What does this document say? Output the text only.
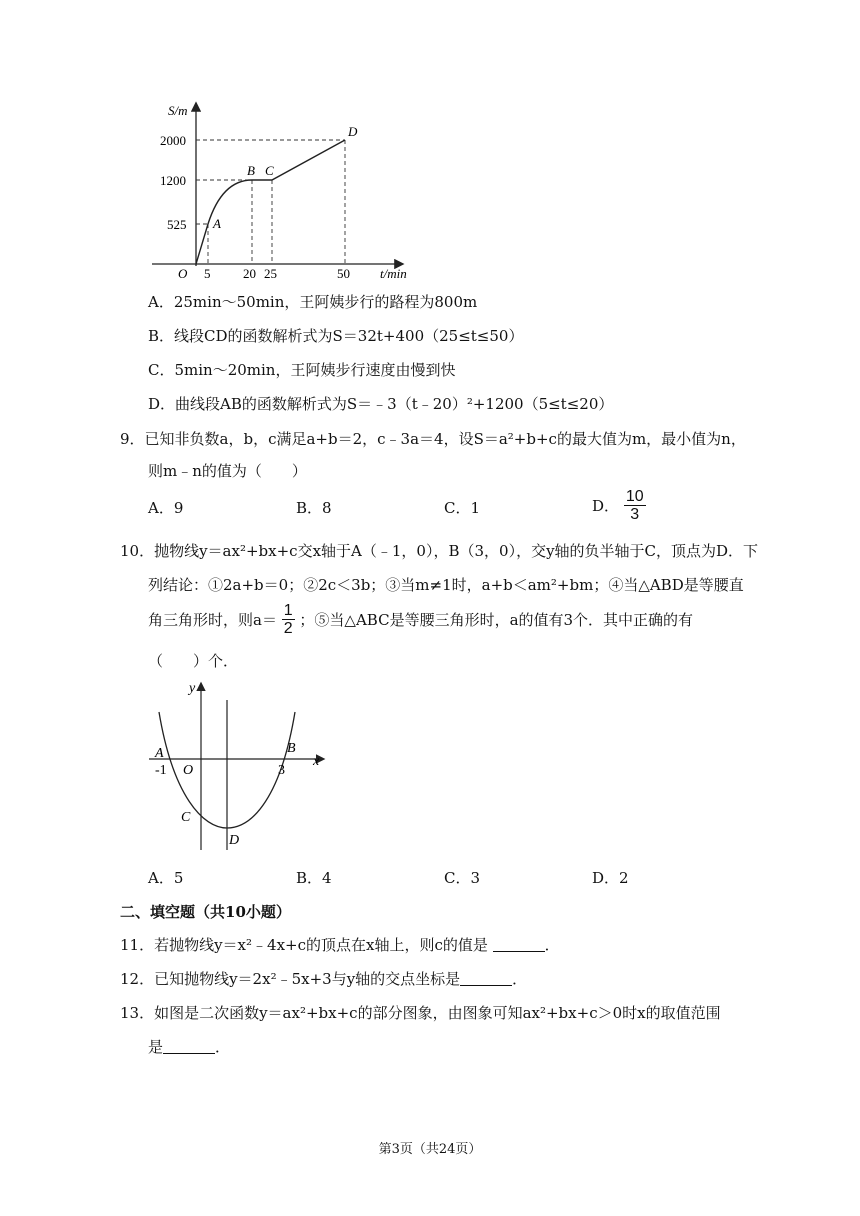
S/m
t/min
2000
1200
525
O 5	20 25	50
A
B C
D
A．25min～50min，王阿姨步行的路程为800m
B．线段CD的函数解析式为S＝32t+400（25≤t≤50）
C．5min～20min，王阿姨步行速度由慢到快
D．曲线段AB的函数解析式为S＝﹣3（t﹣20）²+1200（5≤t≤20）
9．已知非负数a，b，c满足a+b＝2，c﹣3a＝4，设S＝a²+b+c的最大值为m，最小值为n，
则m﹣n的值为（　　）
A．9	B．8	C．1	D． $\frac{10}{3}$
10．抛物线y＝ax²+bx+c交x轴于A（﹣1，0），B（3，0），交y轴的负半轴于C，顶点为D．下
列结论：①2a+b＝0；②2c＜3b；③当m≠1时，a+b＜am²+bm；④当△ABD是等腰直
角三角形时，则$a= \frac{1}{2}$ ；⑤当△ABC是等腰三角形时，a的值有3个．其中正确的有
（　　）个．
A
-1 O
B
3
C
D
y
x
A．5	B．4	C．3	D．2
二、填空题（共10小题）
11．若抛物线y＝x²﹣4x+c的顶点在x轴上，则c的值是	．
12．已知抛物线y＝2x²﹣5x+3与y轴的交点坐标是	．
13．如图是二次函数y＝ax²+bx+c的部分图象，由图象可知ax²+bx+c＞0时x的取值范围
是	．
第3页（共24页）
